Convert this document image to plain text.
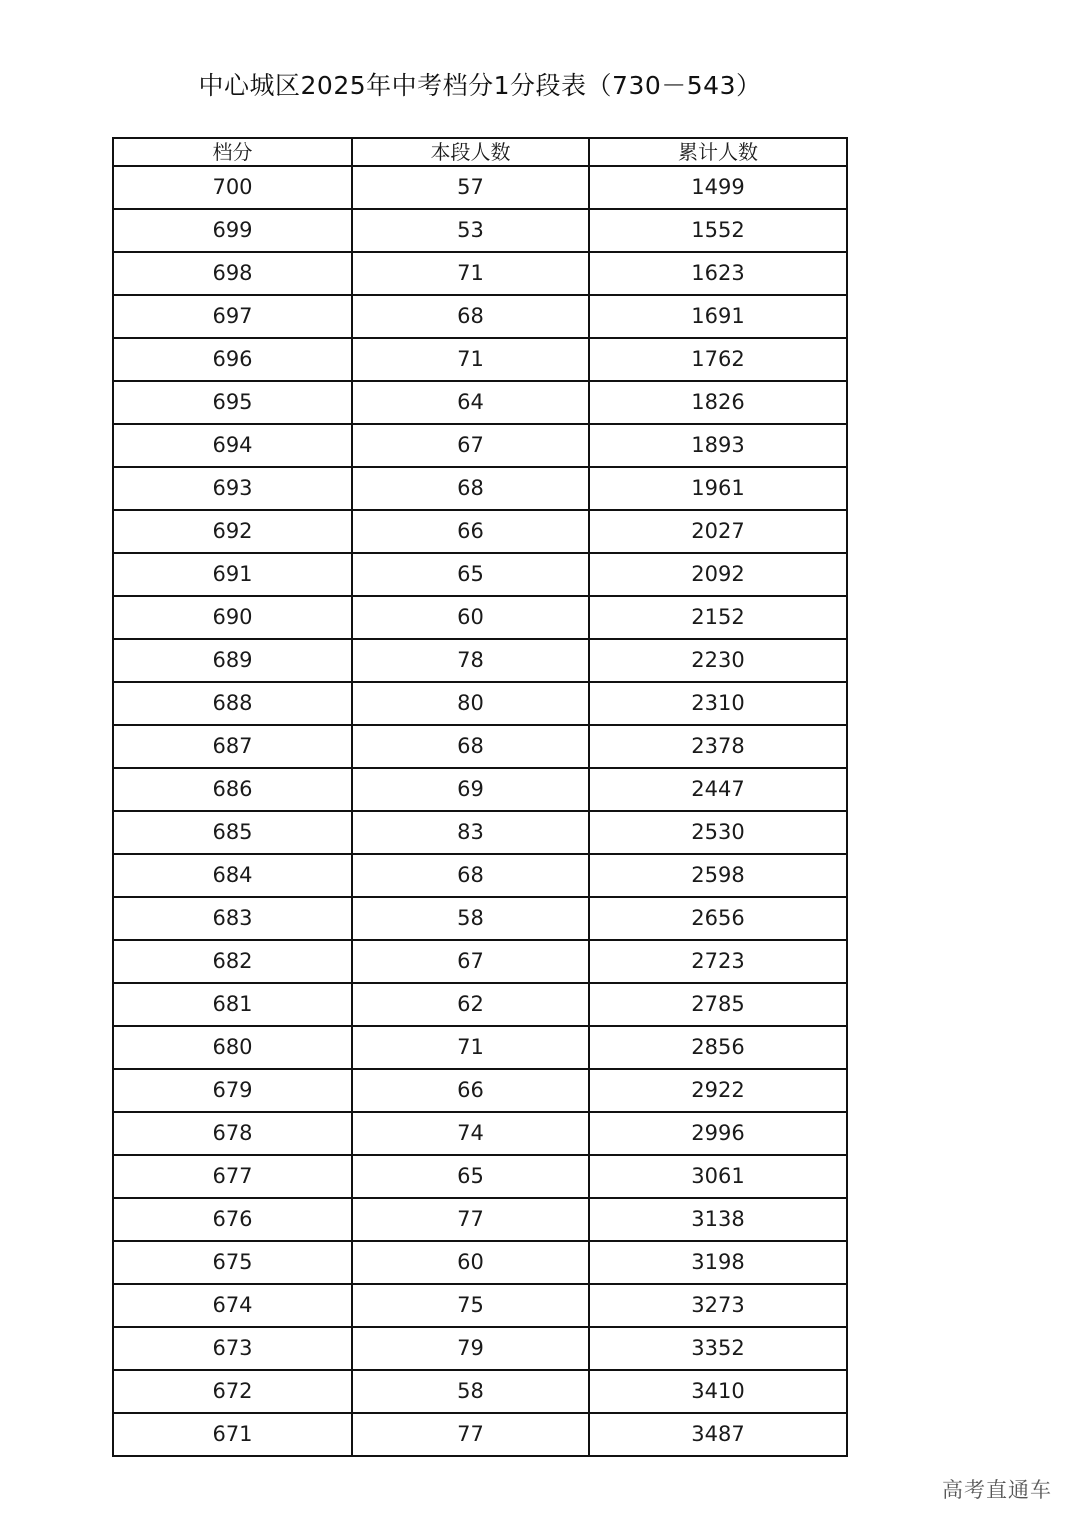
中心城区2025年中考档分1分段表（730－543）
档分	本段人数	累计人数
700	57	1499
699	53	1552
698	71	1623
697	68	1691
696	71	1762
695	64	1826
694	67	1893
693	68	1961
692	66	2027
691	65	2092
690	60	2152
689	78	2230
688	80	2310
687	68	2378
686	69	2447
685	83	2530
684	68	2598
683	58	2656
682	67	2723
681	62	2785
680	71	2856
679	66	2922
678	74	2996
677	65	3061
676	77	3138
675	60	3198
674	75	3273
673	79	3352
672	58	3410
671	77	3487
高考直通车
